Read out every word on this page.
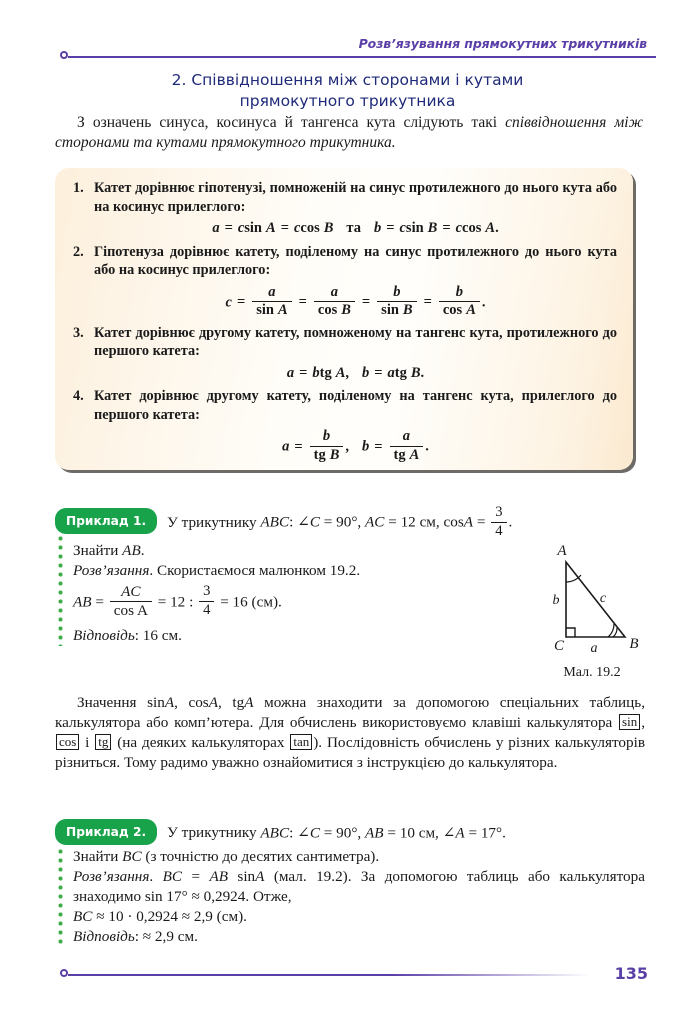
Розв’язування прямокутних трикутників
2. Співвідношення між сторонами і кутами
прямокутного трикутника
З означень синуса, косинуса й тангенса кута слідують такі співвідношення між сторонами та кутами прямокутного трикутника.
1. Катет дорівнює гіпотенузі, помноженій на синус протилежного до нього кута або на косинус прилеглого:
a = csin A = ccos B та b = csin B = ccos A.
2. Гіпотенуза дорівнює катету, поділеному на синус протилежного до нього кута або на косинус прилеглого:
$c = \frac{a}{\text{sin A}} = \frac{a}{\text{cos B}} = \frac{b}{\text{sin B}} = \frac{b}{\text{cos A}}$ .
3. Катет дорівнює другому катету, помноженому на тангенс кута, протилежного до першого катета:
a = btg A, b = atg B.
4. Катет дорівнює другому катету, поділеному на тангенс кута, прилеглого до першого катета:
$a = \frac{b}{\text{tg B}}$ , $b = \frac{a}{\text{tg A}}$ .
Приклад 1. У трикутнику ABC: ∠C = 90°, AC = 12 см, $\cos A = \frac{3}{4}$ .
Знайти AB.
Розв’язання. Скористаємося малюнком 19.2.
AB = $\frac{AC}{\text{cos A}} = 12$ : $\frac{3}{4} = 16$ (см).
Відповідь: 16 см.
A
C	B
b	c
a
Мал. 19.2
Значення sinA, cosA, tgA можна знаходити за допомогою спеціальних таблиць, калькулятора або комп’ютера. Для обчислень використовуємо клавіші калькулятора sin , cos і tg (на деяких калькуляторах tan ). Послідовність обчислень у різних калькуляторів різниться. Тому радимо уважно ознайомитися з інструкцією до калькулятора.
Приклад 2. У трикутнику ABC: ∠C = 90°, AB = 10 см, ∠A = 17°.
Знайти BC (з точністю до десятих сантиметра).
Розв’язання. BC = AB sinA (мал. 19.2). За допомогою таблиць або калькулятора знаходимо sin 17° ≈ 0,2924. Отже,
BC ≈ 10 · 0,2924 ≈ 2,9 (см).
Відповідь: ≈ 2,9 см.
135
